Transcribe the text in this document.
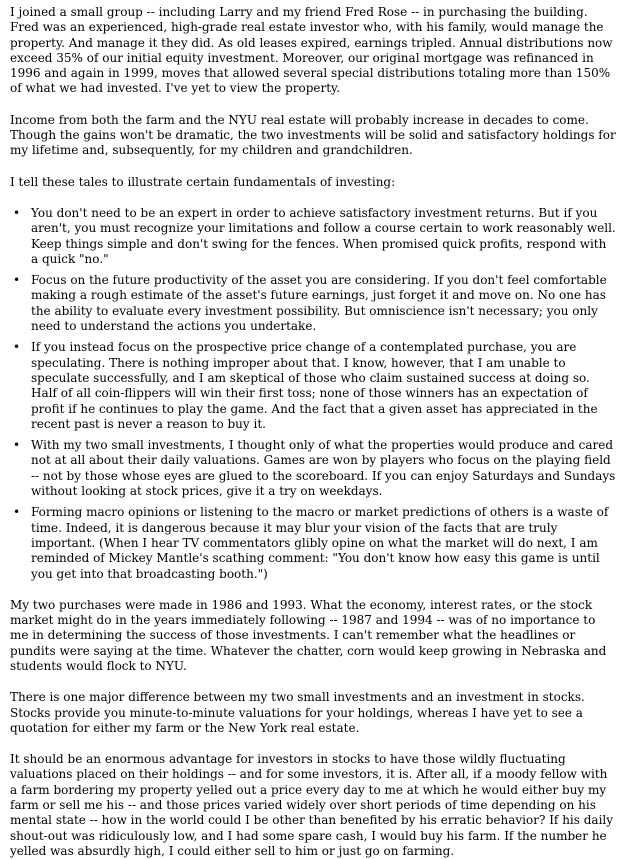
I joined a small group -- including Larry and my friend Fred Rose -- in purchasing the building. Fred was an experienced, high-grade real estate investor who, with his family, would manage the property. And manage it they did. As old leases expired, earnings tripled. Annual distributions now exceed 35% of our initial equity investment. Moreover, our original mortgage was refinanced in 1996 and again in 1999, moves that allowed several special distributions totaling more than 150% of what we had invested. I've yet to view the property.

Income from both the farm and the NYU real estate will probably increase in decades to come. Though the gains won't be dramatic, the two investments will be solid and satisfactory holdings for my lifetime and, subsequently, for my children and grandchildren.

I tell these tales to illustrate certain fundamentals of investing:

• You don't need to be an expert in order to achieve satisfactory investment returns. But if you aren't, you must recognize your limitations and follow a course certain to work reasonably well. Keep things simple and don't swing for the fences. When promised quick profits, respond with a quick "no."
• Focus on the future productivity of the asset you are considering. If you don't feel comfortable making a rough estimate of the asset's future earnings, just forget it and move on. No one has the ability to evaluate every investment possibility. But omniscience isn't necessary; you only need to understand the actions you undertake.
• If you instead focus on the prospective price change of a contemplated purchase, you are speculating. There is nothing improper about that. I know, however, that I am unable to speculate successfully, and I am skeptical of those who claim sustained success at doing so. Half of all coin-flippers will win their first toss; none of those winners has an expectation of profit if he continues to play the game. And the fact that a given asset has appreciated in the recent past is never a reason to buy it.
• With my two small investments, I thought only of what the properties would produce and cared not at all about their daily valuations. Games are won by players who focus on the playing field -- not by those whose eyes are glued to the scoreboard. If you can enjoy Saturdays and Sundays without looking at stock prices, give it a try on weekdays.
• Forming macro opinions or listening to the macro or market predictions of others is a waste of time. Indeed, it is dangerous because it may blur your vision of the facts that are truly important. (When I hear TV commentators glibly opine on what the market will do next, I am reminded of Mickey Mantle's scathing comment: "You don't know how easy this game is until you get into that broadcasting booth.")

My two purchases were made in 1986 and 1993. What the economy, interest rates, or the stock market might do in the years immediately following -- 1987 and 1994 -- was of no importance to me in determining the success of those investments. I can't remember what the headlines or pundits were saying at the time. Whatever the chatter, corn would keep growing in Nebraska and students would flock to NYU.

There is one major difference between my two small investments and an investment in stocks. Stocks provide you minute-to-minute valuations for your holdings, whereas I have yet to see a quotation for either my farm or the New York real estate.

It should be an enormous advantage for investors in stocks to have those wildly fluctuating valuations placed on their holdings -- and for some investors, it is. After all, if a moody fellow with a farm bordering my property yelled out a price every day to me at which he would either buy my farm or sell me his -- and those prices varied widely over short periods of time depending on his mental state -- how in the world could I be other than benefited by his erratic behavior? If his daily shout-out was ridiculously low, and I had some spare cash, I would buy his farm. If the number he yelled was absurdly high, I could either sell to him or just go on farming.
